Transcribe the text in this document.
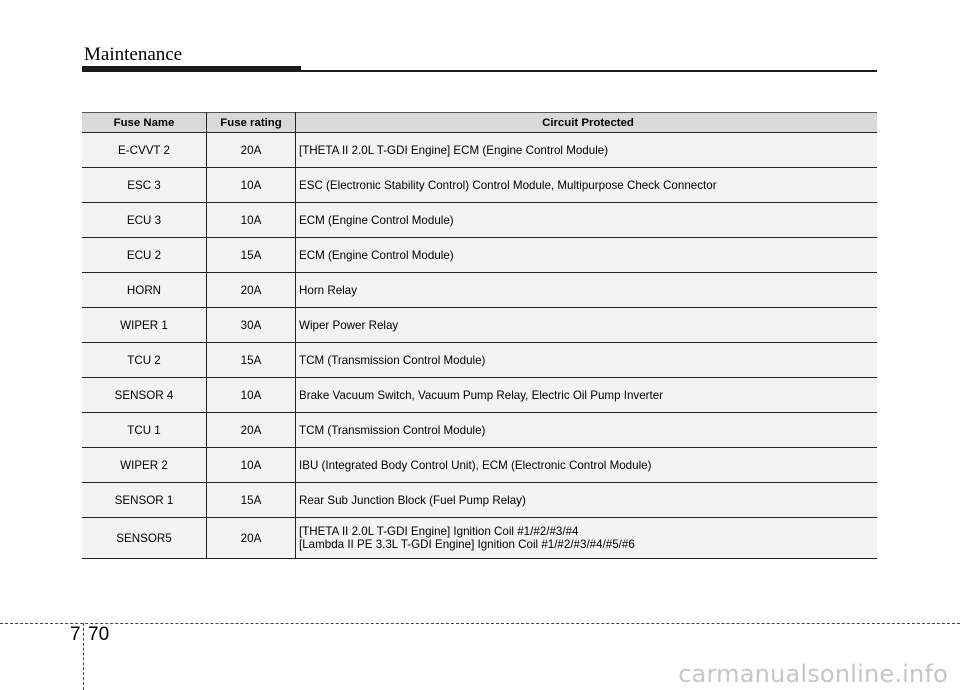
Maintenance
Fuse Name	Fuse rating	Circuit Protected
E-CVVT 2	20A	[THETA II 2.0L T-GDI Engine] ECM (Engine Control Module)
ESC 3	10A	ESC (Electronic Stability Control) Control Module, Multipurpose Check Connector
ECU 3	10A	ECM (Engine Control Module)
ECU 2	15A	ECM (Engine Control Module)
HORN	20A	Horn Relay
WIPER 1	30A	Wiper Power Relay
TCU 2	15A	TCM (Transmission Control Module)
SENSOR 4	10A	Brake Vacuum Switch, Vacuum Pump Relay, Electric Oil Pump Inverter
TCU 1	20A	TCM (Transmission Control Module)
WIPER 2	10A	IBU (Integrated Body Control Unit), ECM (Electronic Control Module)
SENSOR 1	15A	Rear Sub Junction Block (Fuel Pump Relay)
SENSOR5	20A	[THETA II 2.0L T-GDI Engine] Ignition Coil #1/#2/#3/#4
[Lambda II PE 3.3L T-GDI Engine] Ignition Coil #1/#2/#3/#4/#5/#6
7 70
carmanualsonline.info
